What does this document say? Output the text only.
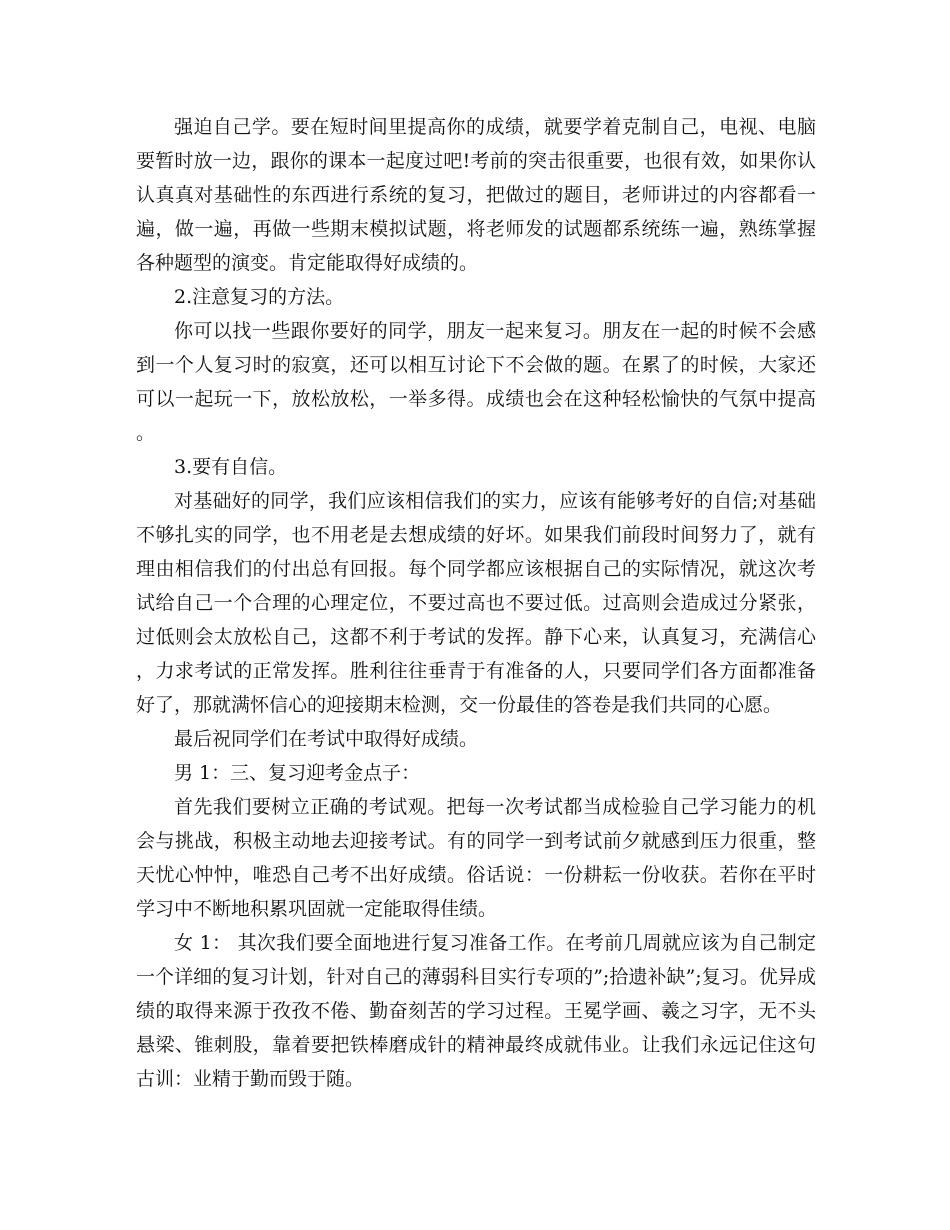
强迫自己学。要在短时间里提高你的成绩，就要学着克制自己，电视、电脑要暂时放一边，跟你的课本一起度过吧!考前的突击很重要，也很有效，如果你认认真真对基础性的东西进行系统的复习，把做过的题目，老师讲过的内容都看一遍，做一遍，再做一些期末模拟试题，将老师发的试题都系统练一遍，熟练掌握各种题型的演变。肯定能取得好成绩的。

2.注意复习的方法。

你可以找一些跟你要好的同学，朋友一起来复习。朋友在一起的时候不会感到一个人复习时的寂寞，还可以相互讨论下不会做的题。在累了的时候，大家还可以一起玩一下，放松放松，一举多得。成绩也会在这种轻松愉快的气氛中提高。

3.要有自信。

对基础好的同学，我们应该相信我们的实力，应该有能够考好的自信;对基础不够扎实的同学，也不用老是去想成绩的好坏。如果我们前段时间努力了，就有理由相信我们的付出总有回报。每个同学都应该根据自己的实际情况，就这次考试给自己一个合理的心理定位，不要过高也不要过低。过高则会造成过分紧张，过低则会太放松自己，这都不利于考试的发挥。静下心来，认真复习，充满信心，力求考试的正常发挥。胜利往往垂青于有准备的人，只要同学们各方面都准备好了，那就满怀信心的迎接期末检测，交一份最佳的答卷是我们共同的心愿。

最后祝同学们在考试中取得好成绩。

男 1：三、复习迎考金点子：

首先我们要树立正确的考试观。把每一次考试都当成检验自己学习能力的机会与挑战，积极主动地去迎接考试。有的同学一到考试前夕就感到压力很重，整天忧心忡忡，唯恐自己考不出好成绩。俗话说：一份耕耘一份收获。若你在平时学习中不断地积累巩固就一定能取得佳绩。

女 1： 其次我们要全面地进行复习准备工作。在考前几周就应该为自己制定一个详细的复习计划，针对自己的薄弱科目实行专项的”;拾遗补缺”;复习。优异成绩的取得来源于孜孜不倦、勤奋刻苦的学习过程。王冕学画、羲之习字，无不头悬梁、锥刺股，靠着要把铁棒磨成针的精神最终成就伟业。让我们永远记住这句古训：业精于勤而毁于随。
